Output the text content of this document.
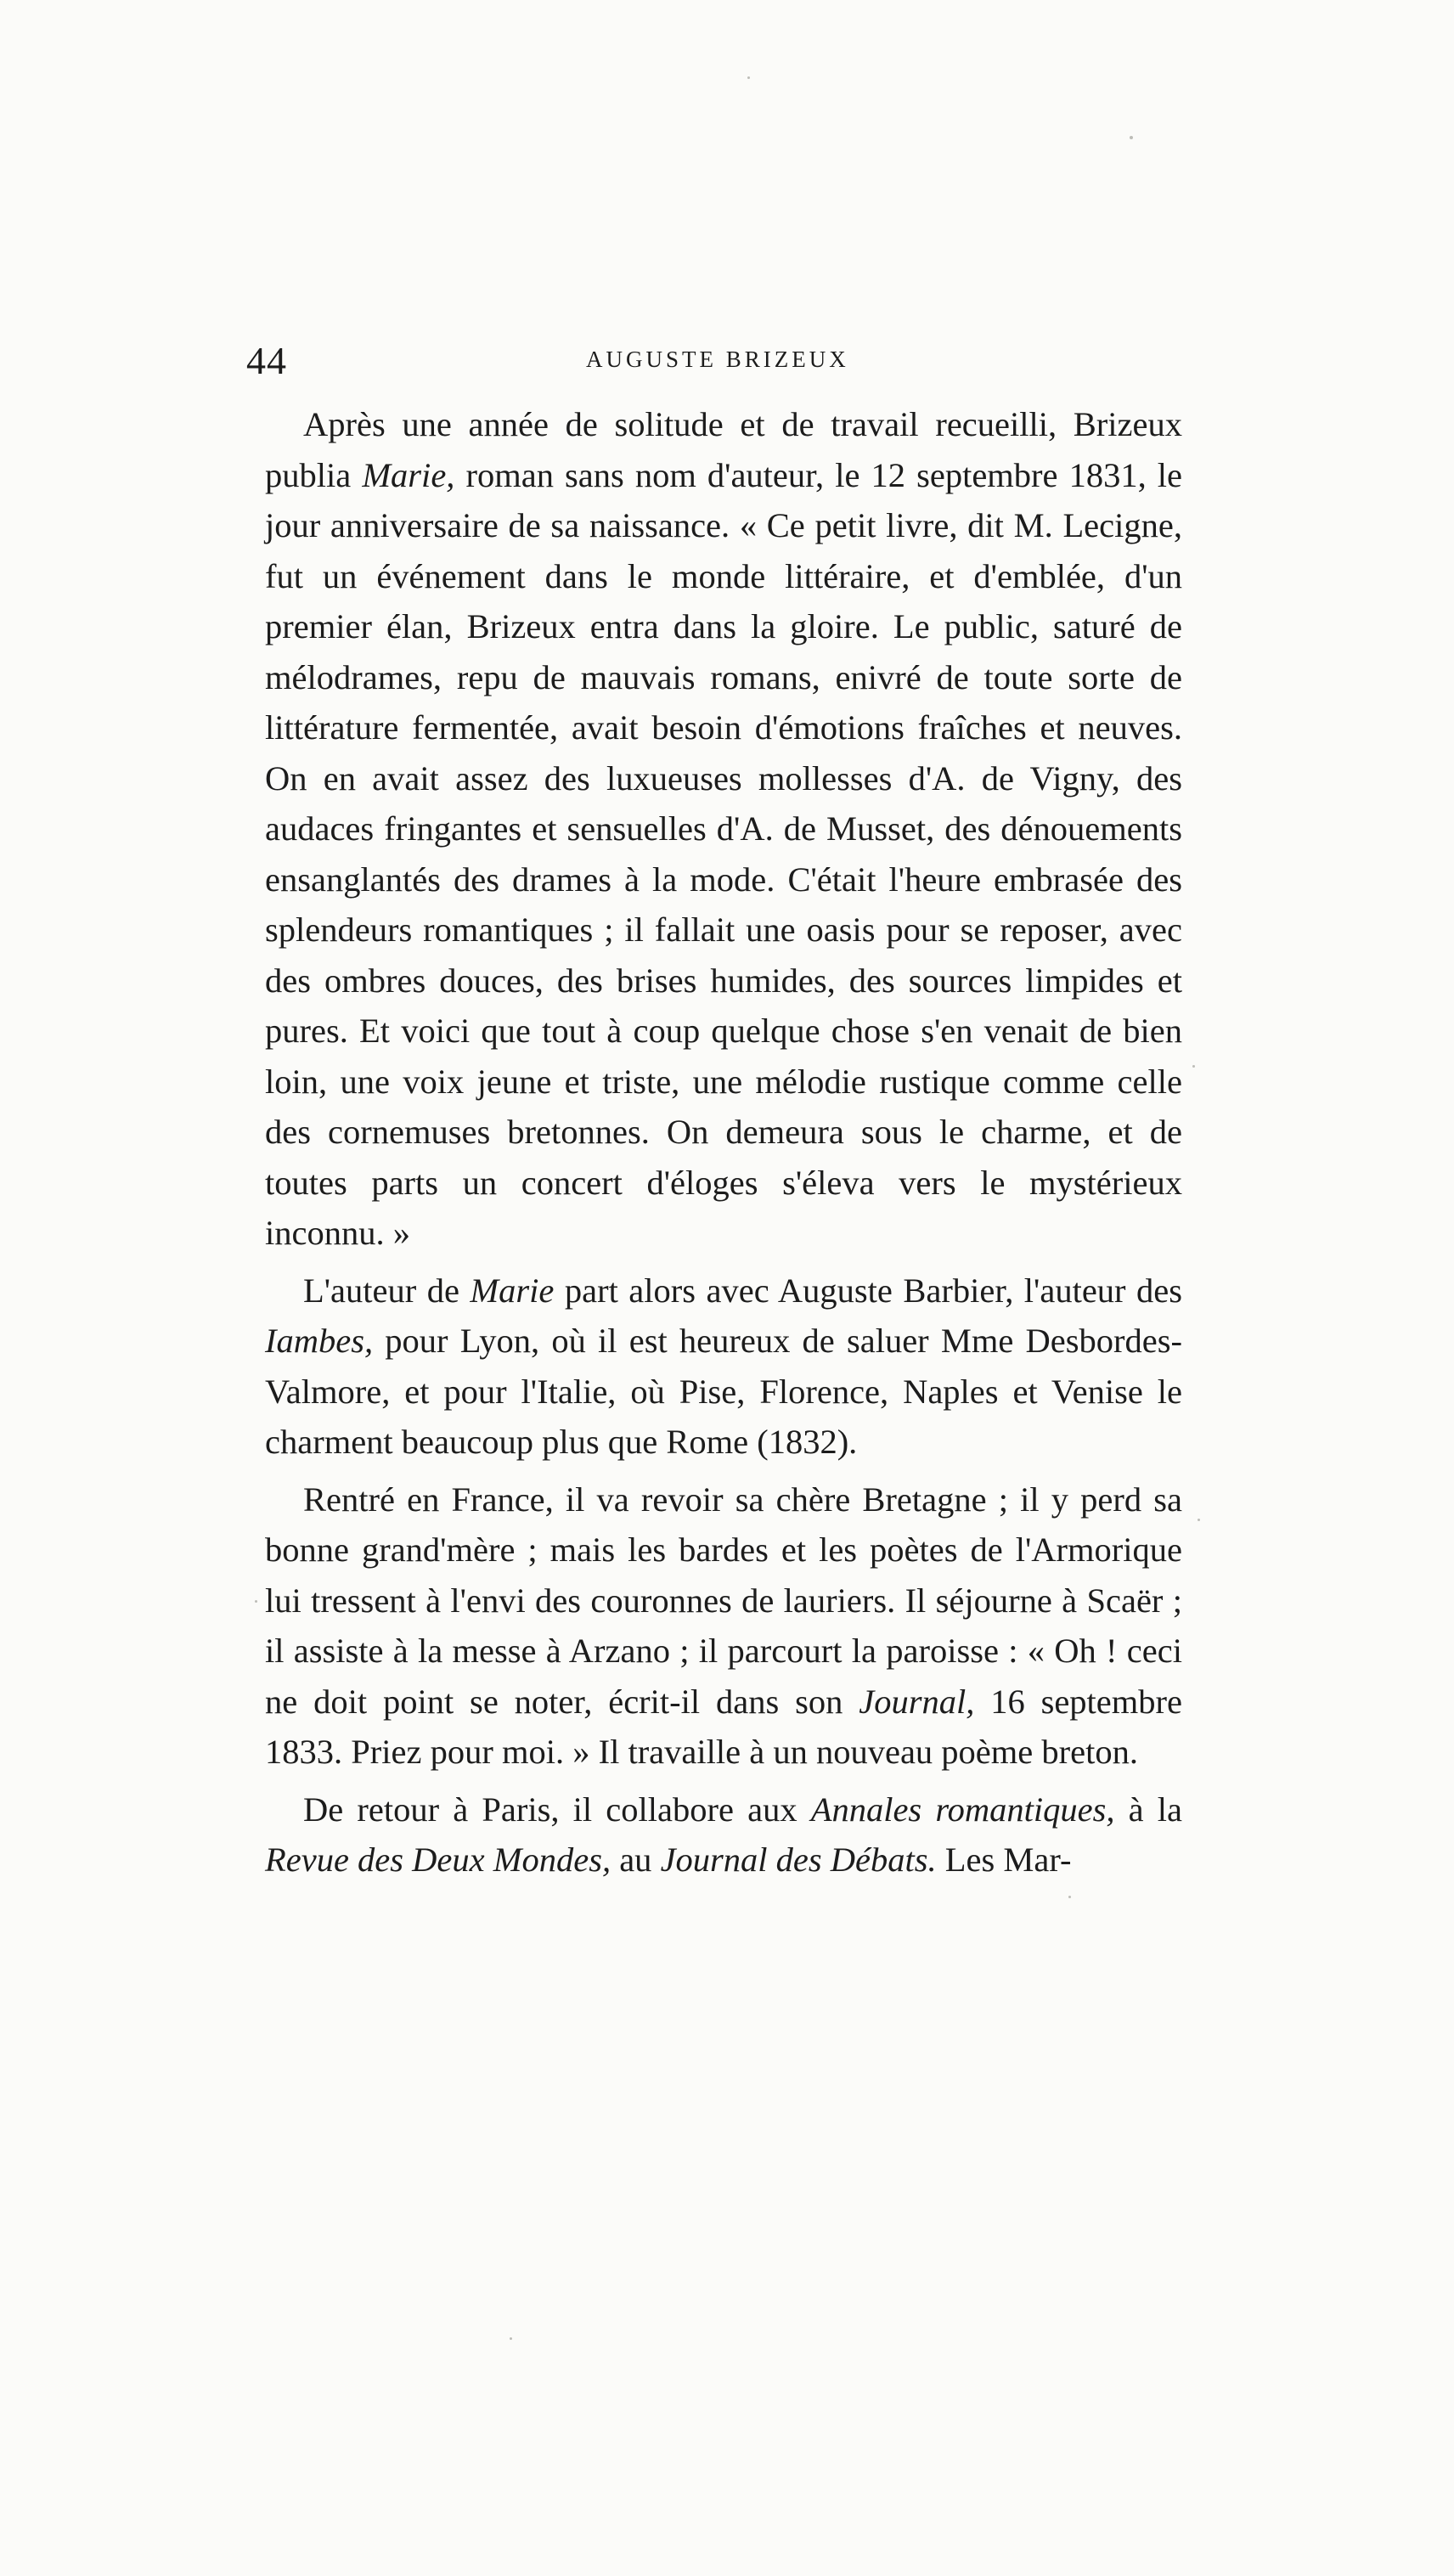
44	AUGUSTE BRIZEUX

Après une année de solitude et de travail recueilli, Brizeux publia Marie, roman sans nom d'auteur, le 12 septembre 1831, le jour anniversaire de sa naissance. « Ce petit livre, dit M. Lecigne, fut un événement dans le monde littéraire, et d'emblée, d'un premier élan, Brizeux entra dans la gloire. Le public, saturé de mélodrames, repu de mauvais romans, enivré de toute sorte de littérature fermentée, avait besoin d'émotions fraîches et neuves. On en avait assez des luxueuses mollesses d'A. de Vigny, des audaces fringantes et sensuelles d'A. de Musset, des dénouements ensanglantés des drames à la mode. C'était l'heure embrasée des splendeurs romantiques ; il fallait une oasis pour se reposer, avec des ombres douces, des brises humides, des sources limpides et pures. Et voici que tout à coup quelque chose s'en venait de bien loin, une voix jeune et triste, une mélodie rustique comme celle des cornemuses bretonnes. On demeura sous le charme, et de toutes parts un concert d'éloges s'éleva vers le mystérieux inconnu. »

L'auteur de Marie part alors avec Auguste Barbier, l'auteur des Iambes, pour Lyon, où il est heureux de saluer Mme Desbordes-Valmore, et pour l'Italie, où Pise, Florence, Naples et Venise le charment beaucoup plus que Rome (1832).

Rentré en France, il va revoir sa chère Bretagne ; il y perd sa bonne grand'mère ; mais les bardes et les poètes de l'Armorique lui tressent à l'envi des couronnes de lauriers. Il séjourne à Scaër ; il assiste à la messe à Arzano ; il parcourt la paroisse : « Oh ! ceci ne doit point se noter, écrit-il dans son Journal, 16 septembre 1833. Priez pour moi. » Il travaille à un nouveau poème breton.

De retour à Paris, il collabore aux Annales romantiques, à la Revue des Deux Mondes, au Journal des Débats. Les Mar-
